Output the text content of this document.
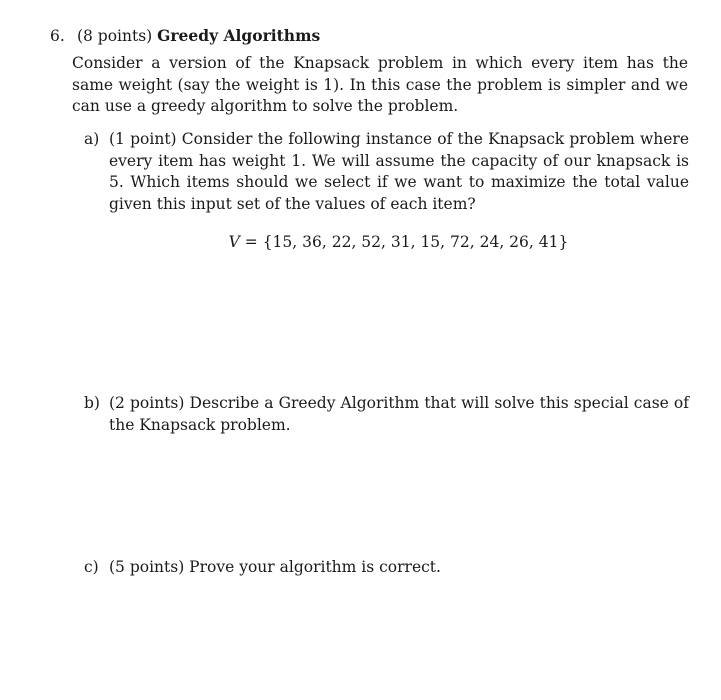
6. (8 points) Greedy Algorithms
Consider a version of the Knapsack problem in which every item has the same weight (say the weight is 1). In this case the problem is simpler and we can use a greedy algorithm to solve the problem.
a) (1 point) Consider the following instance of the Knapsack problem where every item has weight 1. We will assume the capacity of our knapsack is 5. Which items should we select if we want to maximize the total value given this input set of the values of each item?
V = {15, 36, 22, 52, 31, 15, 72, 24, 26, 41}
b) (2 points) Describe a Greedy Algorithm that will solve this special case of the Knapsack problem.
c) (5 points) Prove your algorithm is correct.
